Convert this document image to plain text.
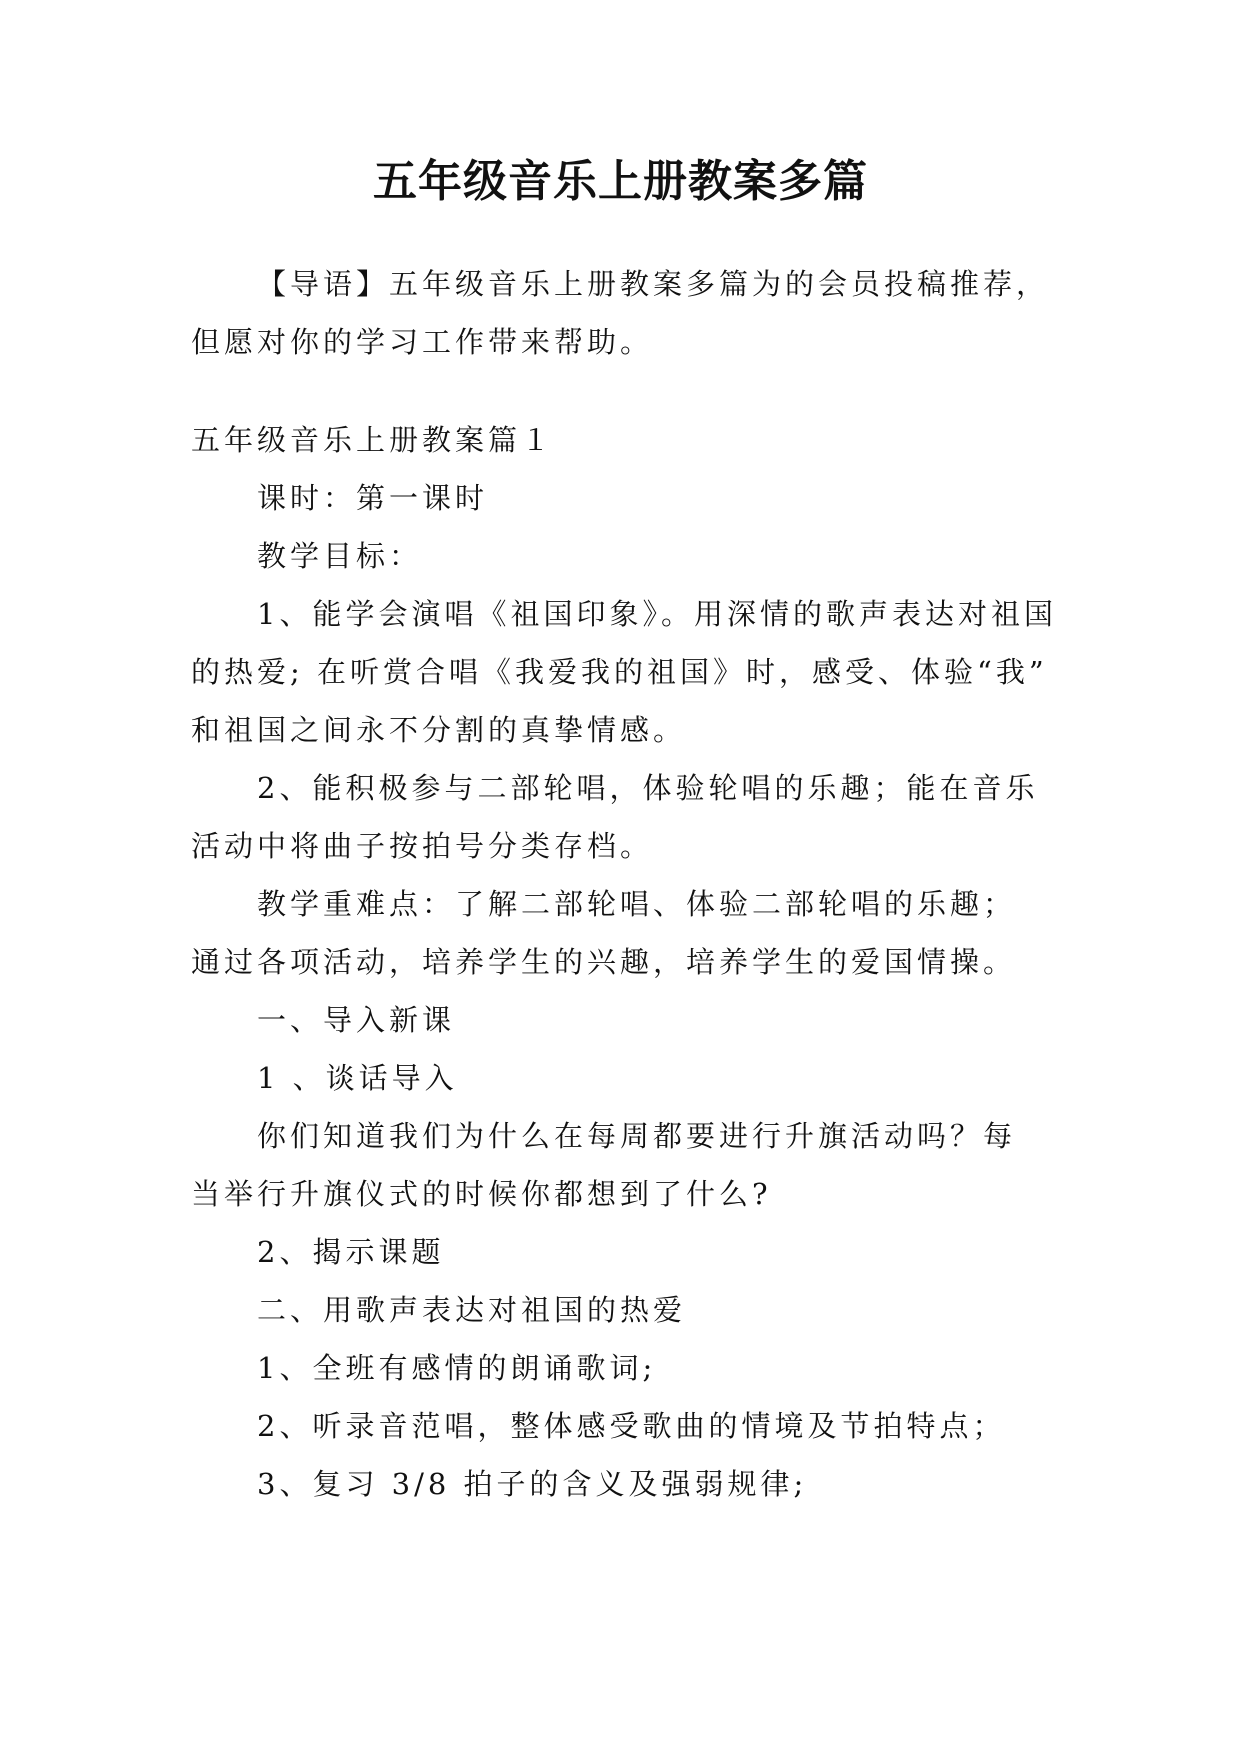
五年级音乐上册教案多篇
【导语】五年级音乐上册教案多篇为的会员投稿推荐，
但愿对你的学习工作带来帮助。
五年级音乐上册教案篇１
课时：第一课时
教学目标：
1、能学会演唱《祖国印象》。用深情的歌声表达对祖国
的热爱; 在听赏合唱《我爱我的祖国》时，感受、体验“我”
和祖国之间永不分割的真挚情感。
2、能积极参与二部轮唱，体验轮唱的乐趣；能在音乐
活动中将曲子按拍号分类存档。
教学重难点：了解二部轮唱、体验二部轮唱的乐趣；
通过各项活动，培养学生的兴趣，培养学生的爱国情操。
一、导入新课
1 、谈话导入
你们知道我们为什么在每周都要进行升旗活动吗？每
当举行升旗仪式的时候你都想到了什么?
2、揭示课题
二、用歌声表达对祖国的热爱
1、全班有感情的朗诵歌词;
2、听录音范唱，整体感受歌曲的情境及节拍特点；
3、复习 3/8 拍子的含义及强弱规律;
